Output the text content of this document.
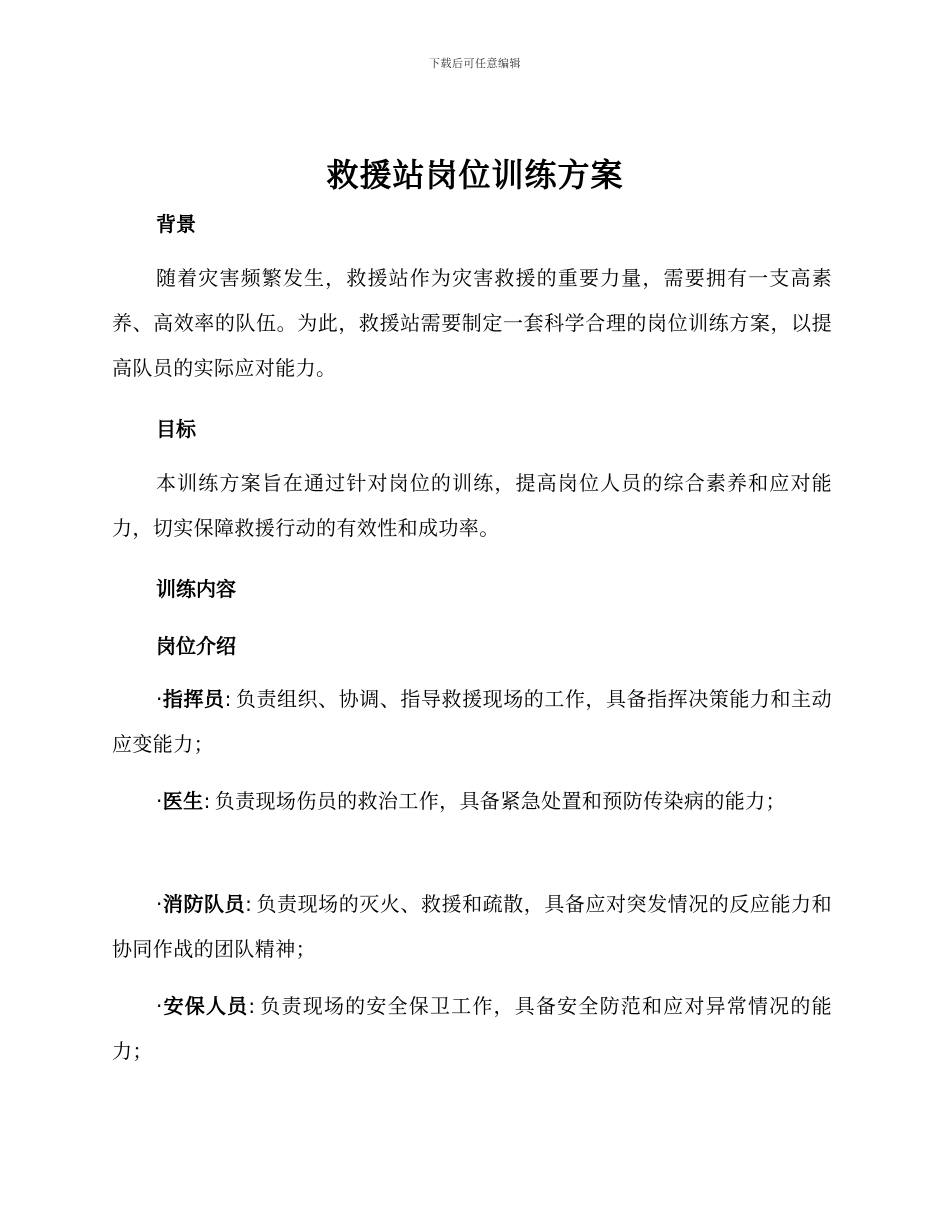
下载后可任意编辑
救援站岗位训练方案
背景

随着灾害频繁发生，救援站作为灾害救援的重要力量，需要拥有一支高素养、高效率的队伍。为此，救援站需要制定一套科学合理的岗位训练方案，以提高队员的实际应对能力。

目标

本训练方案旨在通过针对岗位的训练，提高岗位人员的综合素养和应对能力，切实保障救援行动的有效性和成功率。

训练内容
岗位介绍

·指挥员: 负责组织、协调、指导救援现场的工作，具备指挥决策能力和主动应变能力；

·医生: 负责现场伤员的救治工作，具备紧急处置和预防传染病的能力；

·消防队员: 负责现场的灭火、救援和疏散，具备应对突发情况的反应能力和协同作战的团队精神；

·安保人员: 负责现场的安全保卫工作，具备安全防范和应对异常情况的能力；
